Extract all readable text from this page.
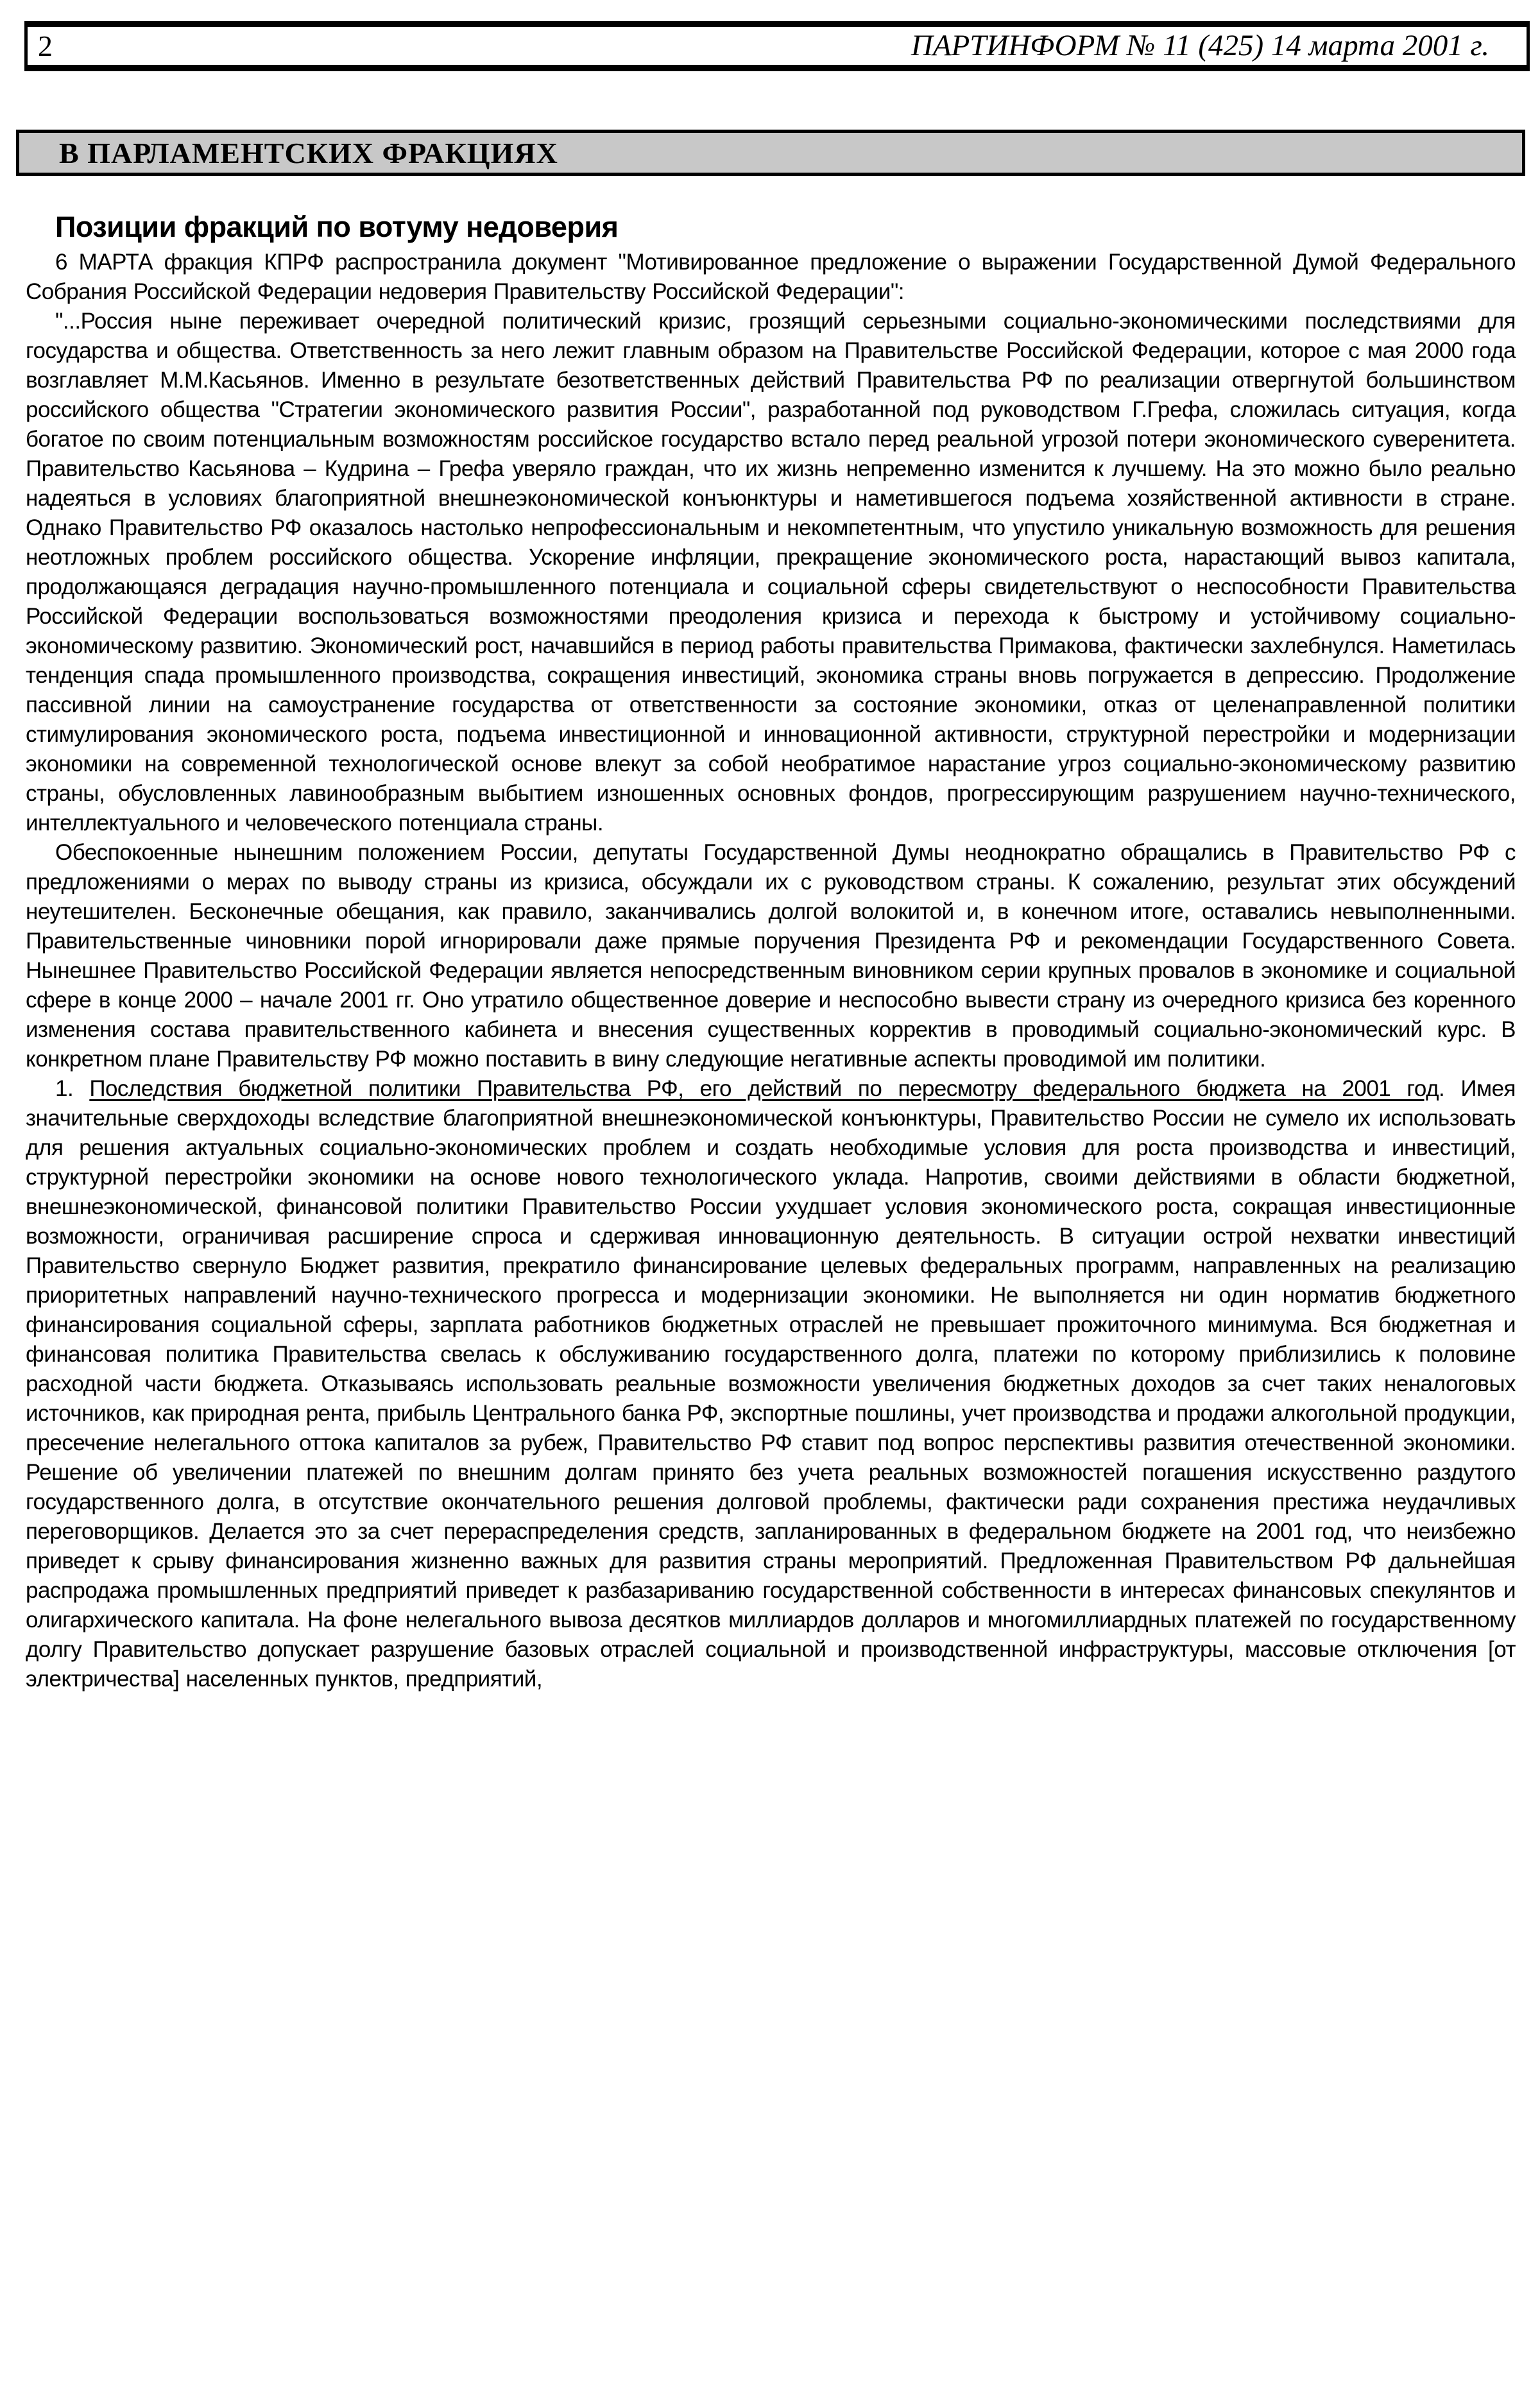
2	ПАРТИНФОРМ № 11 (425) 14 марта 2001 г.
В ПАРЛАМЕНТСКИХ ФРАКЦИЯХ
Позиции фракций по вотуму недоверия

6 МАРТА фракция КПРФ распространила документ "Мотивированное предложение о выражении Государственной Думой Федерального Собрания Российской Федерации недоверия Правительству Российской Федерации":

"...Россия ныне переживает очередной политический кризис, грозящий серьезными социально-экономическими последствиями для государства и общества. Ответственность за него лежит главным образом на Правительстве Российской Федерации, которое с мая 2000 года возглавляет М.М.Касьянов. Именно в результате безответственных действий Правительства РФ по реализации отвергнутой большинством российского общества "Стратегии экономического развития России", разработанной под руководством Г.Грефа, сложилась ситуация, когда богатое по своим потенциальным возможностям российское государство встало перед реальной угрозой потери экономического суверенитета. Правительство Касьянова – Кудрина – Грефа уверяло граждан, что их жизнь непременно изменится к лучшему. На это можно было реально надеяться в условиях благоприятной внешнеэкономической конъюнктуры и наметившегося подъема хозяйственной активности в стране. Однако Правительство РФ оказалось настолько непрофессиональным и некомпетентным, что упустило уникальную возможность для решения неотложных проблем российского общества. Ускорение инфляции, прекращение экономического роста, нарастающий вывоз капитала, продолжающаяся деградация научно-промышленного потенциала и социальной сферы свидетельствуют о неспособности Правительства Российской Федерации воспользоваться возможностями преодоления кризиса и перехода к быстрому и устойчивому социально-экономическому развитию. Экономический рост, начавшийся в период работы правительства Примакова, фактически захлебнулся. Наметилась тенденция спада промышленного производства, сокращения инвестиций, экономика страны вновь погружается в депрессию. Продолжение пассивной линии на самоустранение государства от ответственности за состояние экономики, отказ от целенаправленной политики стимулирования экономического роста, подъема инвестиционной и инновационной активности, структурной перестройки и модернизации экономики на современной технологической основе влекут за собой необратимое нарастание угроз социально-экономическому развитию страны, обусловленных лавинообразным выбытием изношенных основных фондов, прогрессирующим разрушением научно-технического, интеллектуального и человеческого потенциала страны.

Обеспокоенные нынешним положением России, депутаты Государственной Думы неоднократно обращались в Правительство РФ с предложениями о мерах по выводу страны из кризиса, обсуждали их с руководством страны. К сожалению, результат этих обсуждений неутешителен. Бесконечные обещания, как правило, заканчивались долгой волокитой и, в конечном итоге, оставались невыполненными. Правительственные чиновники порой игнорировали даже прямые поручения Президента РФ и рекомендации Государственного Совета. Нынешнее Правительство Российской Федерации является непосредственным виновником серии крупных провалов в экономике и социальной сфере в конце 2000 – начале 2001 гг. Оно утратило общественное доверие и неспособно вывести страну из очередного кризиса без коренного изменения состава правительственного кабинета и внесения существенных корректив в проводимый социально-экономический курс. В конкретном плане Правительству РФ можно поставить в вину следующие негативные аспекты проводимой им политики.

1. Последствия бюджетной политики Правительства РФ, его действий по пересмотру федерального бюджета на 2001 год. Имея значительные сверхдоходы вследствие благоприятной внешнеэкономической конъюнктуры, Правительство России не сумело их использовать для решения актуальных социально-экономических проблем и создать необходимые условия для роста производства и инвестиций, структурной перестройки экономики на основе нового технологического уклада. Напротив, своими действиями в области бюджетной, внешнеэкономической, финансовой политики Правительство России ухудшает условия экономического роста, сокращая инвестиционные возможности, ограничивая расширение спроса и сдерживая инновационную деятельность. В ситуации острой нехватки инвестиций Правительство свернуло Бюджет развития, прекратило финансирование целевых федеральных программ, направленных на реализацию приоритетных направлений научно-технического прогресса и модернизации экономики. Не выполняется ни один норматив бюджетного финансирования социальной сферы, зарплата работников бюджетных отраслей не превышает прожиточного минимума. Вся бюджетная и финансовая политика Правительства свелась к обслуживанию государственного долга, платежи по которому приблизились к половине расходной части бюджета. Отказываясь использовать реальные возможности увеличения бюджетных доходов за счет таких неналоговых источников, как природная рента, прибыль Центрального банка РФ, экспортные пошлины, учет производства и продажи алкогольной продукции, пресечение нелегального оттока капиталов за рубеж, Правительство РФ ставит под вопрос перспективы развития отечественной экономики. Решение об увеличении платежей по внешним долгам принято без учета реальных возможностей погашения искусственно раздутого государственного долга, в отсутствие окончательного решения долговой проблемы, фактически ради сохранения престижа неудачливых переговорщиков. Делается это за счет перераспределения средств, запланированных в федеральном бюджете на 2001 год, что неизбежно приведет к срыву финансирования жизненно важных для развития страны мероприятий. Предложенная Правительством РФ дальнейшая распродажа промышленных предприятий приведет к разбазариванию государственной собственности в интересах финансовых спекулянтов и олигархического капитала. На фоне нелегального вывоза десятков миллиардов долларов и многомиллиардных платежей по государственному долгу Правительство допускает разрушение базовых отраслей социальной и производственной инфраструктуры, массовые отключения [от электричества] населенных пунктов, предприятий,
